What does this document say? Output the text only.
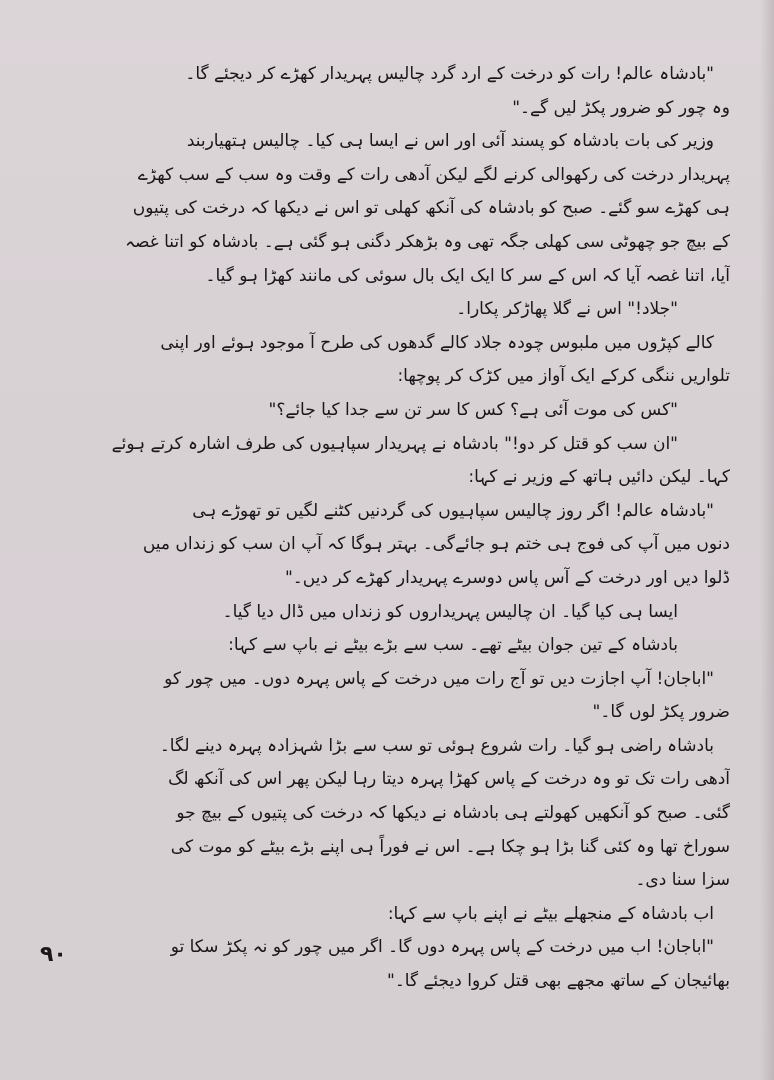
"بادشاہ عالم! رات کو درخت کے ارد گرد چالیس پہریدار کھڑے کر دیجئے گا۔
وہ چور کو ضرور پکڑ لیں گے۔"
وزیر کی بات بادشاہ کو پسند آئی اور اس نے ایسا ہی کیا۔ چالیس ہتھیاربند
پہریدار درخت کی رکھوالی کرنے لگے لیکن آدھی رات کے وقت وہ سب کے سب کھڑے
ہی کھڑے سو گئے۔ صبح کو بادشاہ کی آنکھ کھلی تو اس نے دیکھا کہ درخت کی پتیوں
کے بیچ جو چھوٹی سی کھلی جگہ تھی وہ بڑھکر دگنی ہو گئی ہے۔ بادشاہ کو اتنا غصہ
آیا، اتنا غصہ آیا کہ اس کے سر کا ایک ایک بال سوئی کی مانند کھڑا ہو گیا۔
"جلاد!" اس نے گلا پھاڑکر پکارا۔
کالے کپڑوں میں ملبوس چودہ جلاد کالے گدھوں کی طرح آ موجود ہوئے اور اپنی
تلواریں ننگی کرکے ایک آواز میں کڑک کر پوچھا:
"کس کی موت آئی ہے؟ کس کا سر تن سے جدا کیا جائے؟"
"ان سب کو قتل کر دو!" بادشاہ نے پہریدار سپاہیوں کی طرف اشارہ کرتے ہوئے
کہا۔ لیکن دائیں ہاتھ کے وزیر نے کہا:
"بادشاہ عالم! اگر روز چالیس سپاہیوں کی گردنیں کٹنے لگیں تو تھوڑے ہی
دنوں میں آپ کی فوج ہی ختم ہو جائےگی۔ بہتر ہوگا کہ آپ ان سب کو زنداں میں
ڈلوا دیں اور درخت کے آس پاس دوسرے پہریدار کھڑے کر دیں۔"
ایسا ہی کیا گیا۔ ان چالیس پہریداروں کو زنداں میں ڈال دیا گیا۔
بادشاہ کے تین جوان بیٹے تھے۔ سب سے بڑے بیٹے نے باپ سے کہا:
"اباجان! آپ اجازت دیں تو آج رات میں درخت کے پاس پہرہ دوں۔ میں چور کو
ضرور پکڑ لوں گا۔"
بادشاہ راضی ہو گیا۔ رات شروع ہوئی تو سب سے بڑا شہزادہ پہرہ دینے لگا۔
آدھی رات تک تو وہ درخت کے پاس کھڑا پہرہ دیتا رہا لیکن پھر اس کی آنکھ لگ
گئی۔ صبح کو آنکھیں کھولتے ہی بادشاہ نے دیکھا کہ درخت کی پتیوں کے بیچ جو
سوراخ تھا وہ کئی گنا بڑا ہو چکا ہے۔ اس نے فوراً ہی اپنے بڑے بیٹے کو موت کی
سزا سنا دی۔
اب بادشاہ کے منجھلے بیٹے نے اپنے باپ سے کہا:
"اباجان! اب میں درخت کے پاس پہرہ دوں گا۔ اگر میں چور کو نہ پکڑ سکا تو
بھائیجان کے ساتھ مجھے بھی قتل کروا دیجئے گا۔"
۹۰
